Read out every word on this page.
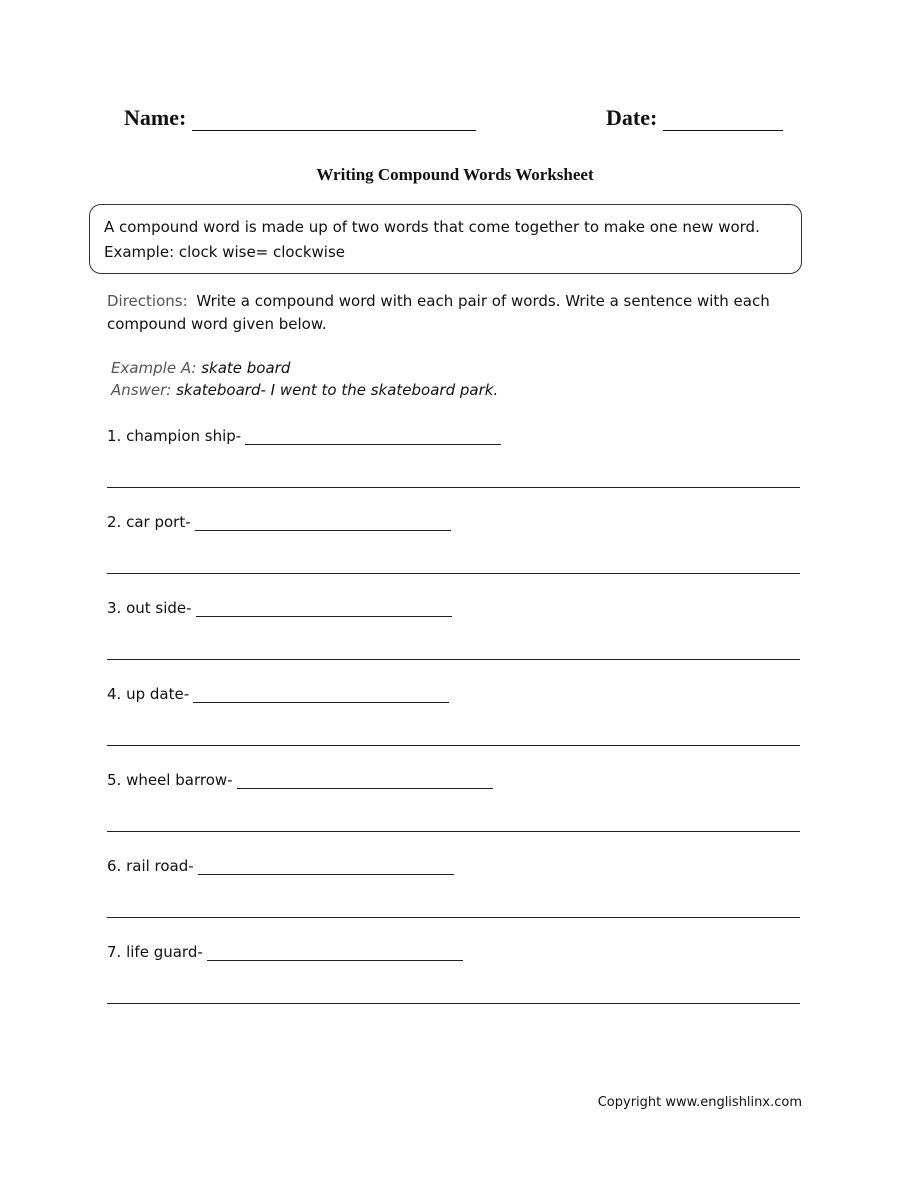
Name:	Date:
Writing Compound Words Worksheet
A compound word is made up of two words that come together to make one new word.
Example: clock wise= clockwise
Directions: Write a compound word with each pair of words. Write a sentence with each compound word given below.
Example A: skate board
Answer: skateboard- I went to the skateboard park.
1. champion ship-
2. car port-
3. out side-
4. up date-
5. wheel barrow-
6. rail road-
7. life guard-
Copyright www.englishlinx.com
